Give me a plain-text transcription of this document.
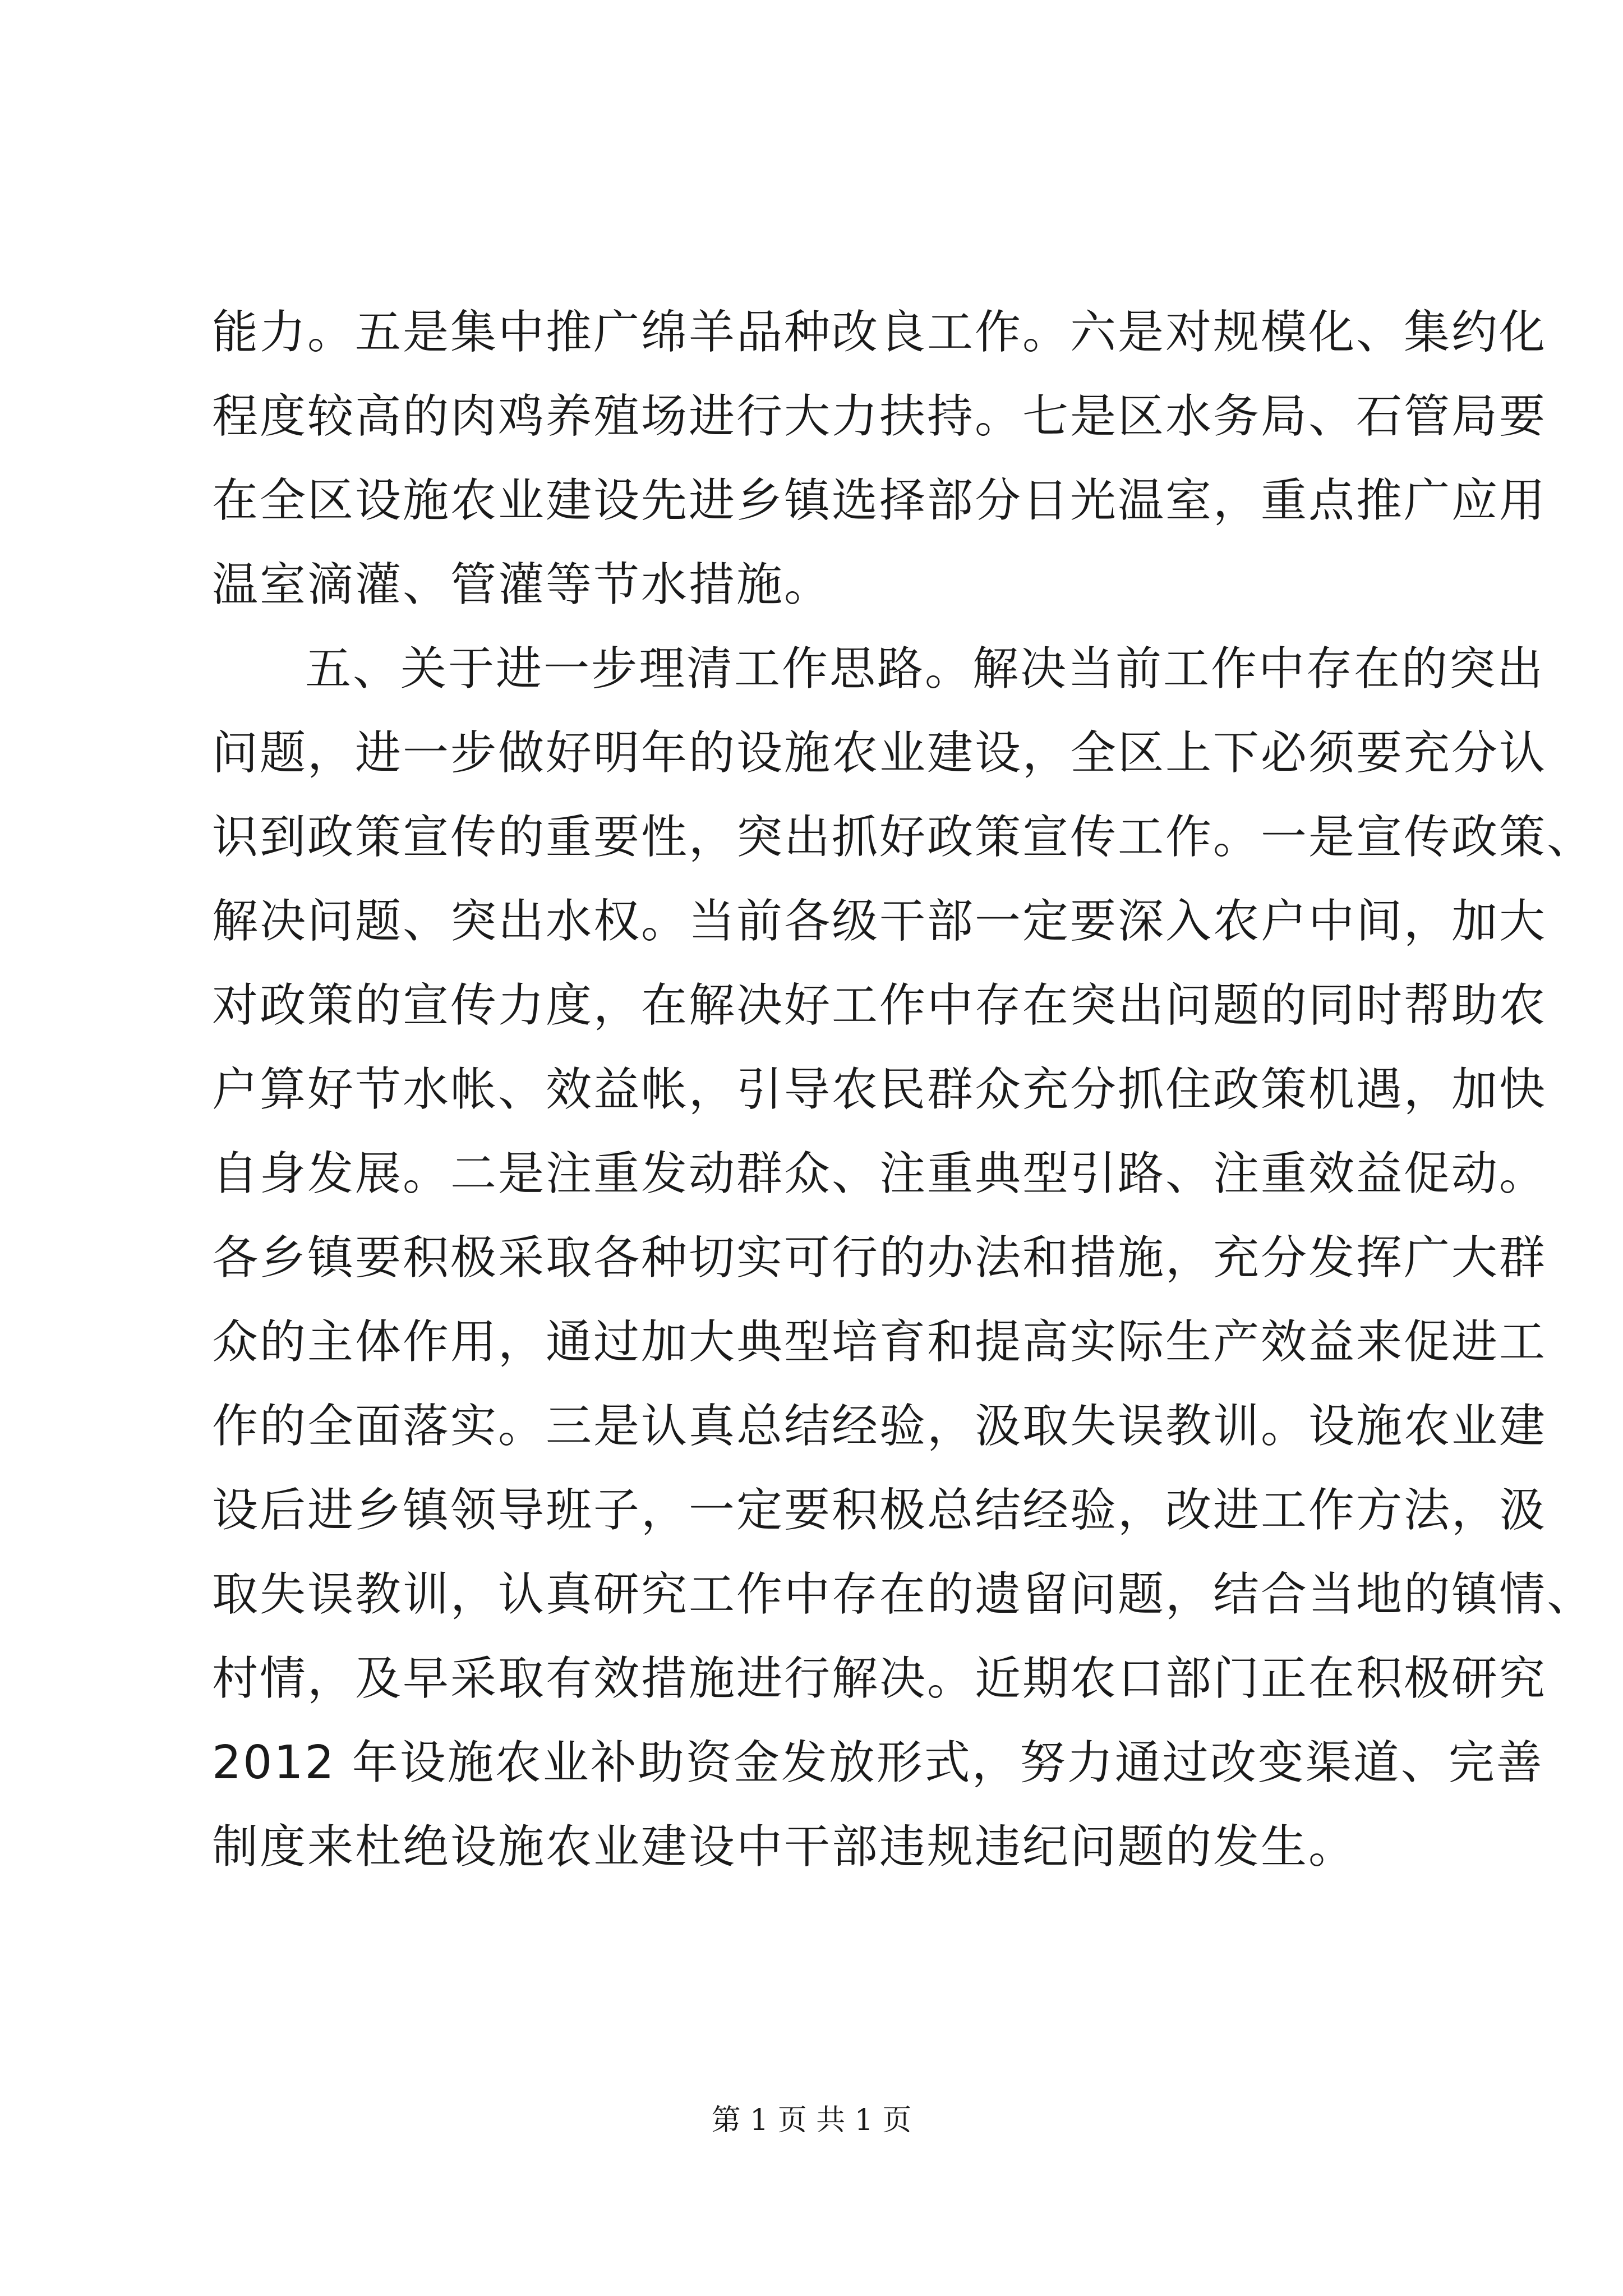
能力。五是集中推广绵羊品种改良工作。六是对规模化、集约化
程度较高的肉鸡养殖场进行大力扶持。七是区水务局、石管局要
在全区设施农业建设先进乡镇选择部分日光温室，重点推广应用
温室滴灌、管灌等节水措施。
五、关于进一步理清工作思路。解决当前工作中存在的突出
问题，进一步做好明年的设施农业建设，全区上下必须要充分认
识到政策宣传的重要性，突出抓好政策宣传工作。一是宣传政策、
解决问题、突出水权。当前各级干部一定要深入农户中间，加大
对政策的宣传力度，在解决好工作中存在突出问题的同时帮助农
户算好节水帐、效益帐，引导农民群众充分抓住政策机遇，加快
自身发展。二是注重发动群众、注重典型引路、注重效益促动。
各乡镇要积极采取各种切实可行的办法和措施，充分发挥广大群
众的主体作用，通过加大典型培育和提高实际生产效益来促进工
作的全面落实。三是认真总结经验，汲取失误教训。设施农业建
设后进乡镇领导班子，一定要积极总结经验，改进工作方法，汲
取失误教训，认真研究工作中存在的遗留问题，结合当地的镇情、
村情，及早采取有效措施进行解决。近期农口部门正在积极研究
2012 年设施农业补助资金发放形式，努力通过改变渠道、完善
制度来杜绝设施农业建设中干部违规违纪问题的发生。
第 1 页 共 1 页
